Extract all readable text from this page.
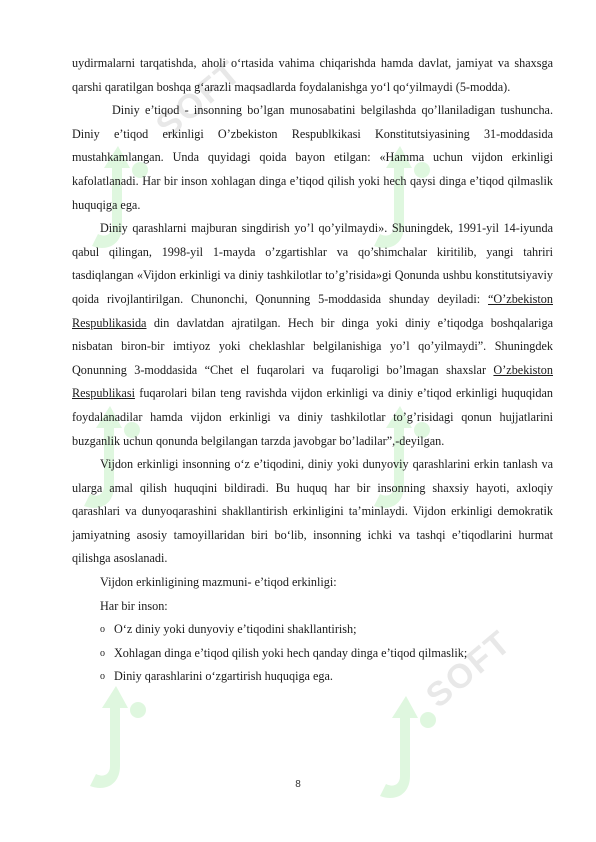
SOFT
SOFT

uydirmalarni tarqatishda, aholi o‘rtasida vahima chiqarishda hamda davlat, jamiyat va shaxsga qarshi qaratilgan boshqa g‘arazli maqsadlarda foydalanishga yo‘l qo‘yilmaydi (5-modda).

Diniy e’tiqod - insonning bo’lgan munosabatini belgilashda qo’llaniladigan tushuncha. Diniy e’tiqod erkinligi O’zbekiston Respublkikasi Konstitutsiyasining 31-moddasida mustahkamlangan. Unda quyidagi qoida bayon etilgan: «Hamma uchun vijdon erkinligi kafolatlanadi. Har bir inson xohlagan dinga e’tiqod qilish yoki hech qaysi dinga e’tiqod qilmaslik huquqiga ega.

Diniy qarashlarni majburan singdirish yo’l qo’yilmaydi». Shuningdek, 1991-yil 14-iyunda qabul qilingan, 1998-yil 1-mayda o’zgartishlar va qo’shimchalar kiritilib, yangi tahriri tasdiqlangan «Vijdon erkinligi va diniy tashkilotlar to’g’risida»gi Qonunda ushbu konstitutsiyaviy qoida rivojlantirilgan. Chunonchi, Qonunning 5-moddasida shunday deyiladi: “O’zbekiston Respublikasida din davlatdan ajratilgan. Hech bir dinga yoki diniy e’tiqodga boshqalariga nisbatan biron-bir imtiyoz yoki cheklashlar belgilanishiga yo’l qo’yilmaydi”. Shuningdek Qonunning 3-moddasida “Chet el fuqarolari va fuqaroligi bo’lmagan shaxslar O’zbekiston Respublikasi fuqarolari bilan teng ravishda vijdon erkinligi va diniy e’tiqod erkinligi huquqidan foydalanadilar hamda vijdon erkinligi va diniy tashkilotlar to’g’risidagi qonun hujjatlarini buzganlik uchun qonunda belgilangan tarzda javobgar bo’ladilar”,-deyilgan.

Vijdon erkinligi insonning o‘z e’tiqodini, diniy yoki dunyoviy qarashlarini erkin tanlash va ularga amal qilish huquqini bildiradi. Bu huquq har bir insonning shaxsiy hayoti, axloqiy qarashlari va dunyoqarashini shakllantirish erkinligini ta’minlaydi. Vijdon erkinligi demokratik jamiyatning asosiy tamoyillaridan biri bo‘lib, insonning ichki va tashqi e’tiqodlarini hurmat qilishga asoslanadi.

Vijdon erkinligining mazmuni- e’tiqod erkinligi:

Har bir inson:

o O‘z diniy yoki dunyoviy e’tiqodini shakllantirish;
o Xohlagan dinga e’tiqod qilish yoki hech qanday dinga e’tiqod qilmaslik;
o Diniy qarashlarini o‘zgartirish huquqiga ega.
8
